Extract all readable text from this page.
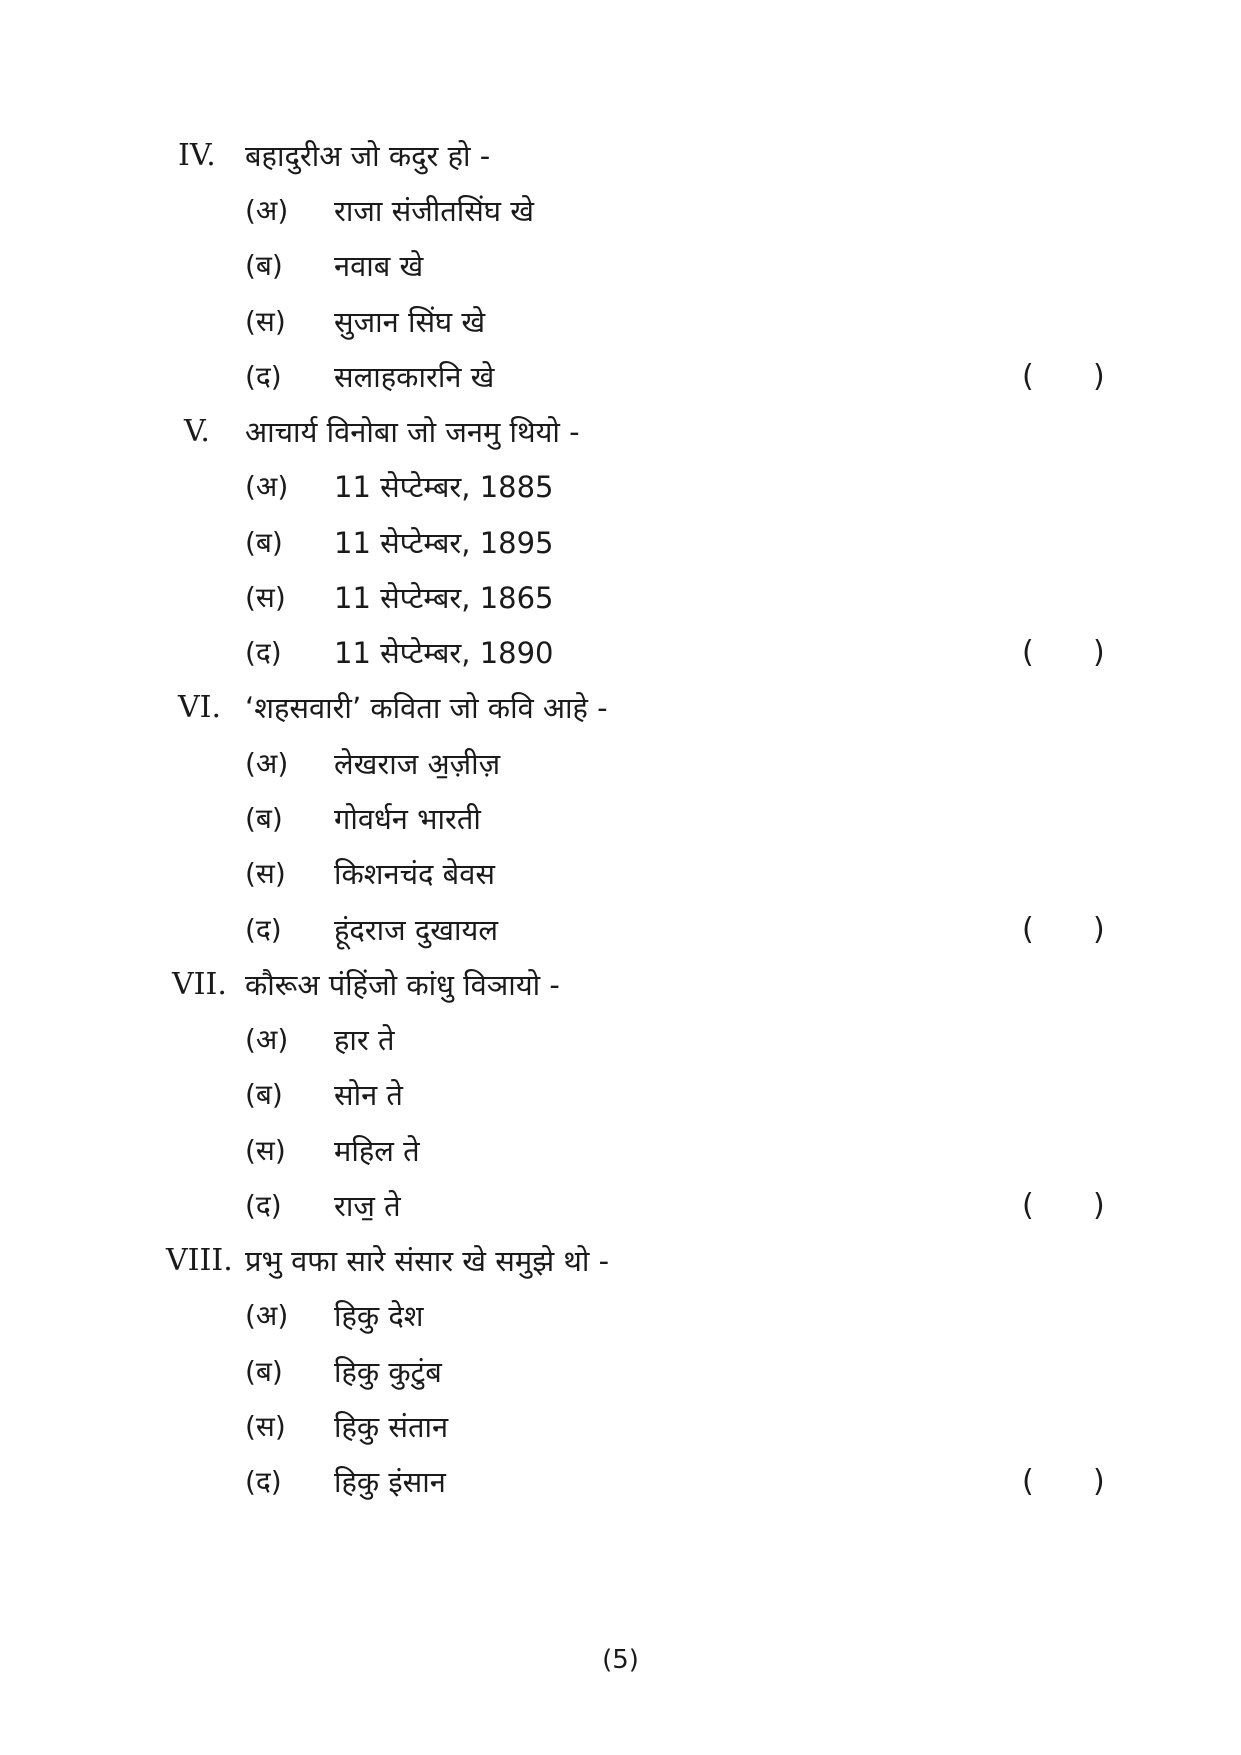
IV. बहादुरीअ जो कदुर हो -
(अ) राजा संजीतसिंघ खे
(ब) नवाब खे
(स) सुजान सिंघ खे
(द) सलाहकारनि खे	( )
V. आचार्य विनोबा जो जनमु थियो -
(अ) 11 सेप्टेम्बर, 1885
(ब) 11 सेप्टेम्बर, 1895
(स) 11 सेप्टेम्बर, 1865
(द) 11 सेप्टेम्बर, 1890	( )
VI. ‘शहसवारी’ कविता जो कवि आहे -
(अ) लेखराज अ॒ज़ीज़
(ब) गोवर्धन भारती
(स) किशनचंद बेवस
(द) हूंदराज दुखायल	( )
VII. कौरूअ पंहिंजो कांधु विञायो -
(अ) हार ते
(ब) सोन ते
(स) महिल ते
(द) राज॒ ते	( )
VIII. प्रभु वफा सारे संसार खे समुझे थो -
(अ) हिकु देश
(ब) हिकु कुटुंब
(स) हिकु संतान
(द) हिकु इंसान	( )
(5)
